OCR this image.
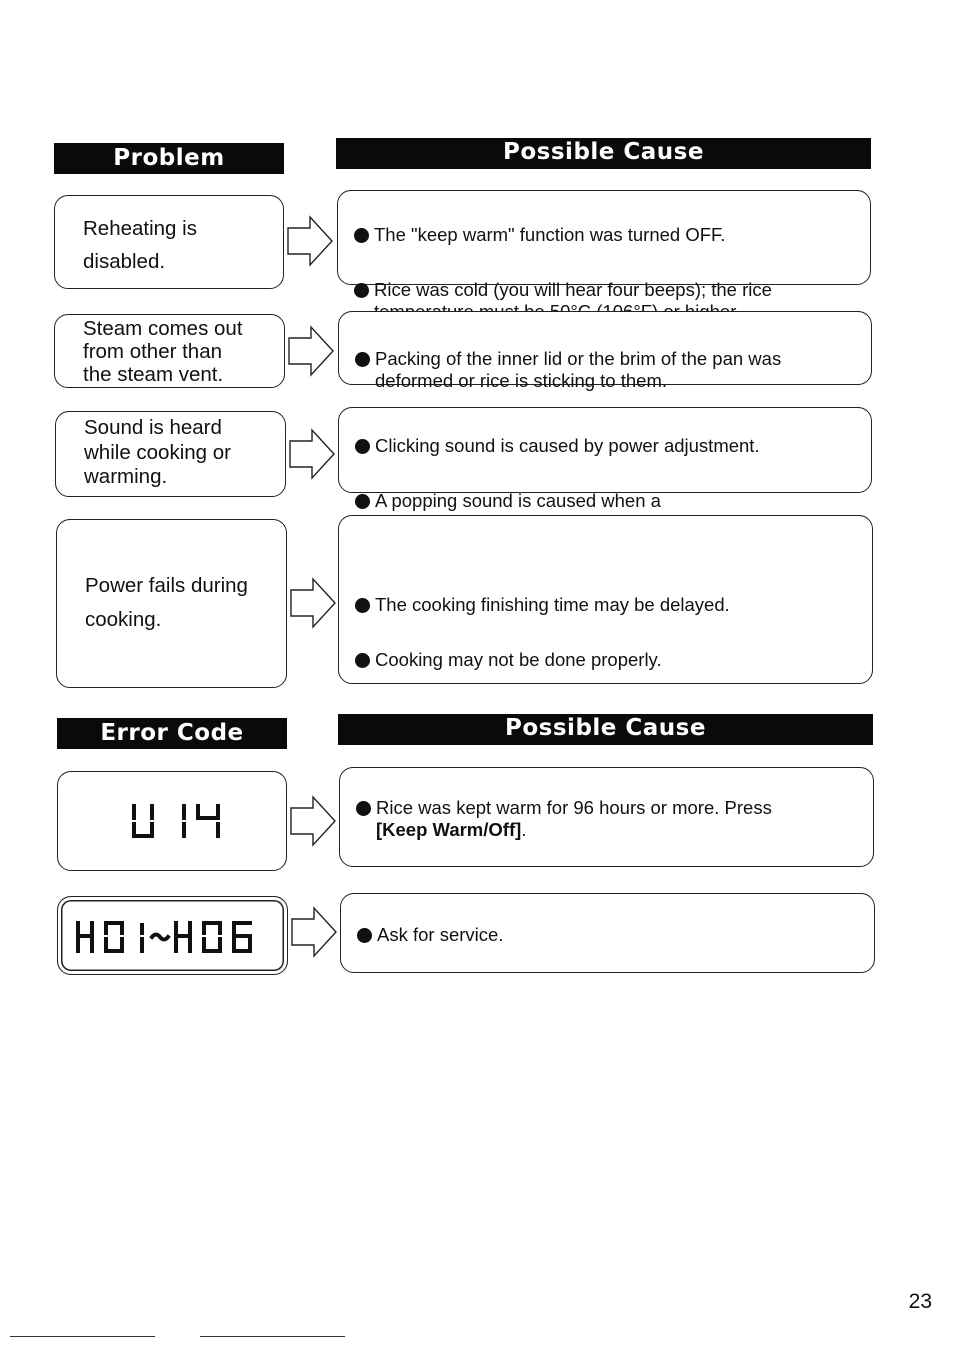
Problem	Possible Cause
Reheating is
disabled.

The "keep warm" function was turned OFF.

Rice was cold (you will hear four beeps); the rice

Steam comes out
from other than
the steam vent.

Packing of the inner lid or the brim of the pan was
deformed or rice is sticking to them.

Sound is heard
while cooking or
warming.

Clicking sound is caused by power adjustment.

A popping sound is caused when a

Power fails during
cooking.

The cooking finishing time may be delayed.

Cooking may not be done properly.

Error Code	Possible Cause
Rice was kept warm for 96 hours or more. Press
[Keep Warm/Off].
Ask for service.
23
